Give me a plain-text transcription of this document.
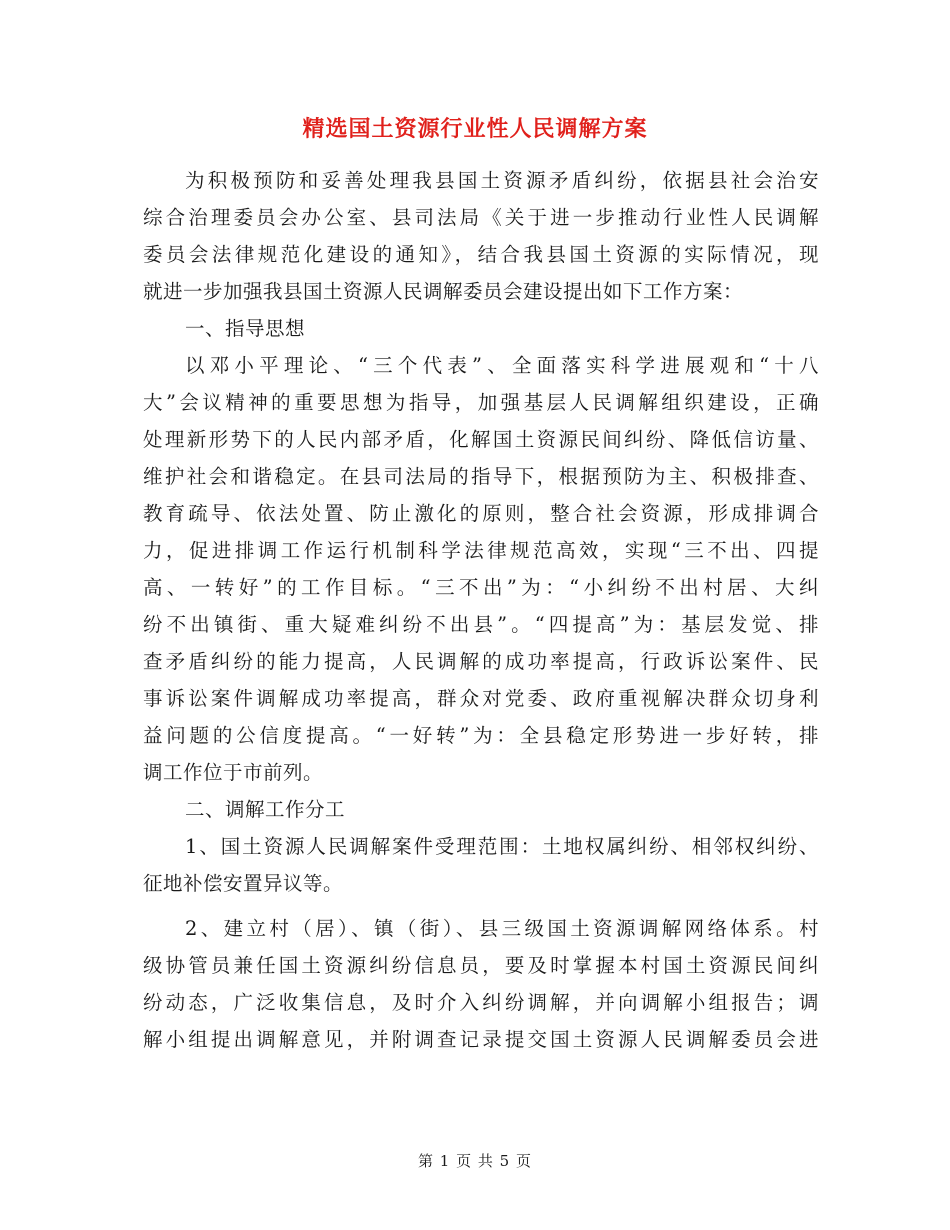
精选国土资源行业性人民调解方案
为积极预防和妥善处理我县国土资源矛盾纠纷，依据县社会治安
综合治理委员会办公室、县司法局《关于进一步推动行业性人民调解
委员会法律规范化建设的通知》，结合我县国土资源的实际情况，现
就进一步加强我县国土资源人民调解委员会建设提出如下工作方案：
一、指导思想
以邓小平理论、“三个代表”、全面落实科学进展观和“十八
大”会议精神的重要思想为指导，加强基层人民调解组织建设，正确
处理新形势下的人民内部矛盾，化解国土资源民间纠纷、降低信访量、
维护社会和谐稳定。在县司法局的指导下，根据预防为主、积极排查、
教育疏导、依法处置、防止激化的原则，整合社会资源，形成排调合
力，促进排调工作运行机制科学法律规范高效，实现“三不出、四提
高、一转好”的工作目标。“三不出”为：“小纠纷不出村居、大纠
纷不出镇街、重大疑难纠纷不出县”。“四提高”为：基层发觉、排
查矛盾纠纷的能力提高，人民调解的成功率提高，行政诉讼案件、民
事诉讼案件调解成功率提高，群众对党委、政府重视解决群众切身利
益问题的公信度提高。“一好转”为：全县稳定形势进一步好转，排
调工作位于市前列。
二、调解工作分工
1、国土资源人民调解案件受理范围：土地权属纠纷、相邻权纠纷、
征地补偿安置异议等。
2、建立村（居）、镇（街）、县三级国土资源调解网络体系。村
级协管员兼任国土资源纠纷信息员，要及时掌握本村国土资源民间纠
纷动态，广泛收集信息，及时介入纠纷调解，并向调解小组报告；调
解小组提出调解意见，并附调查记录提交国土资源人民调解委员会进
第 1 页 共 5 页
